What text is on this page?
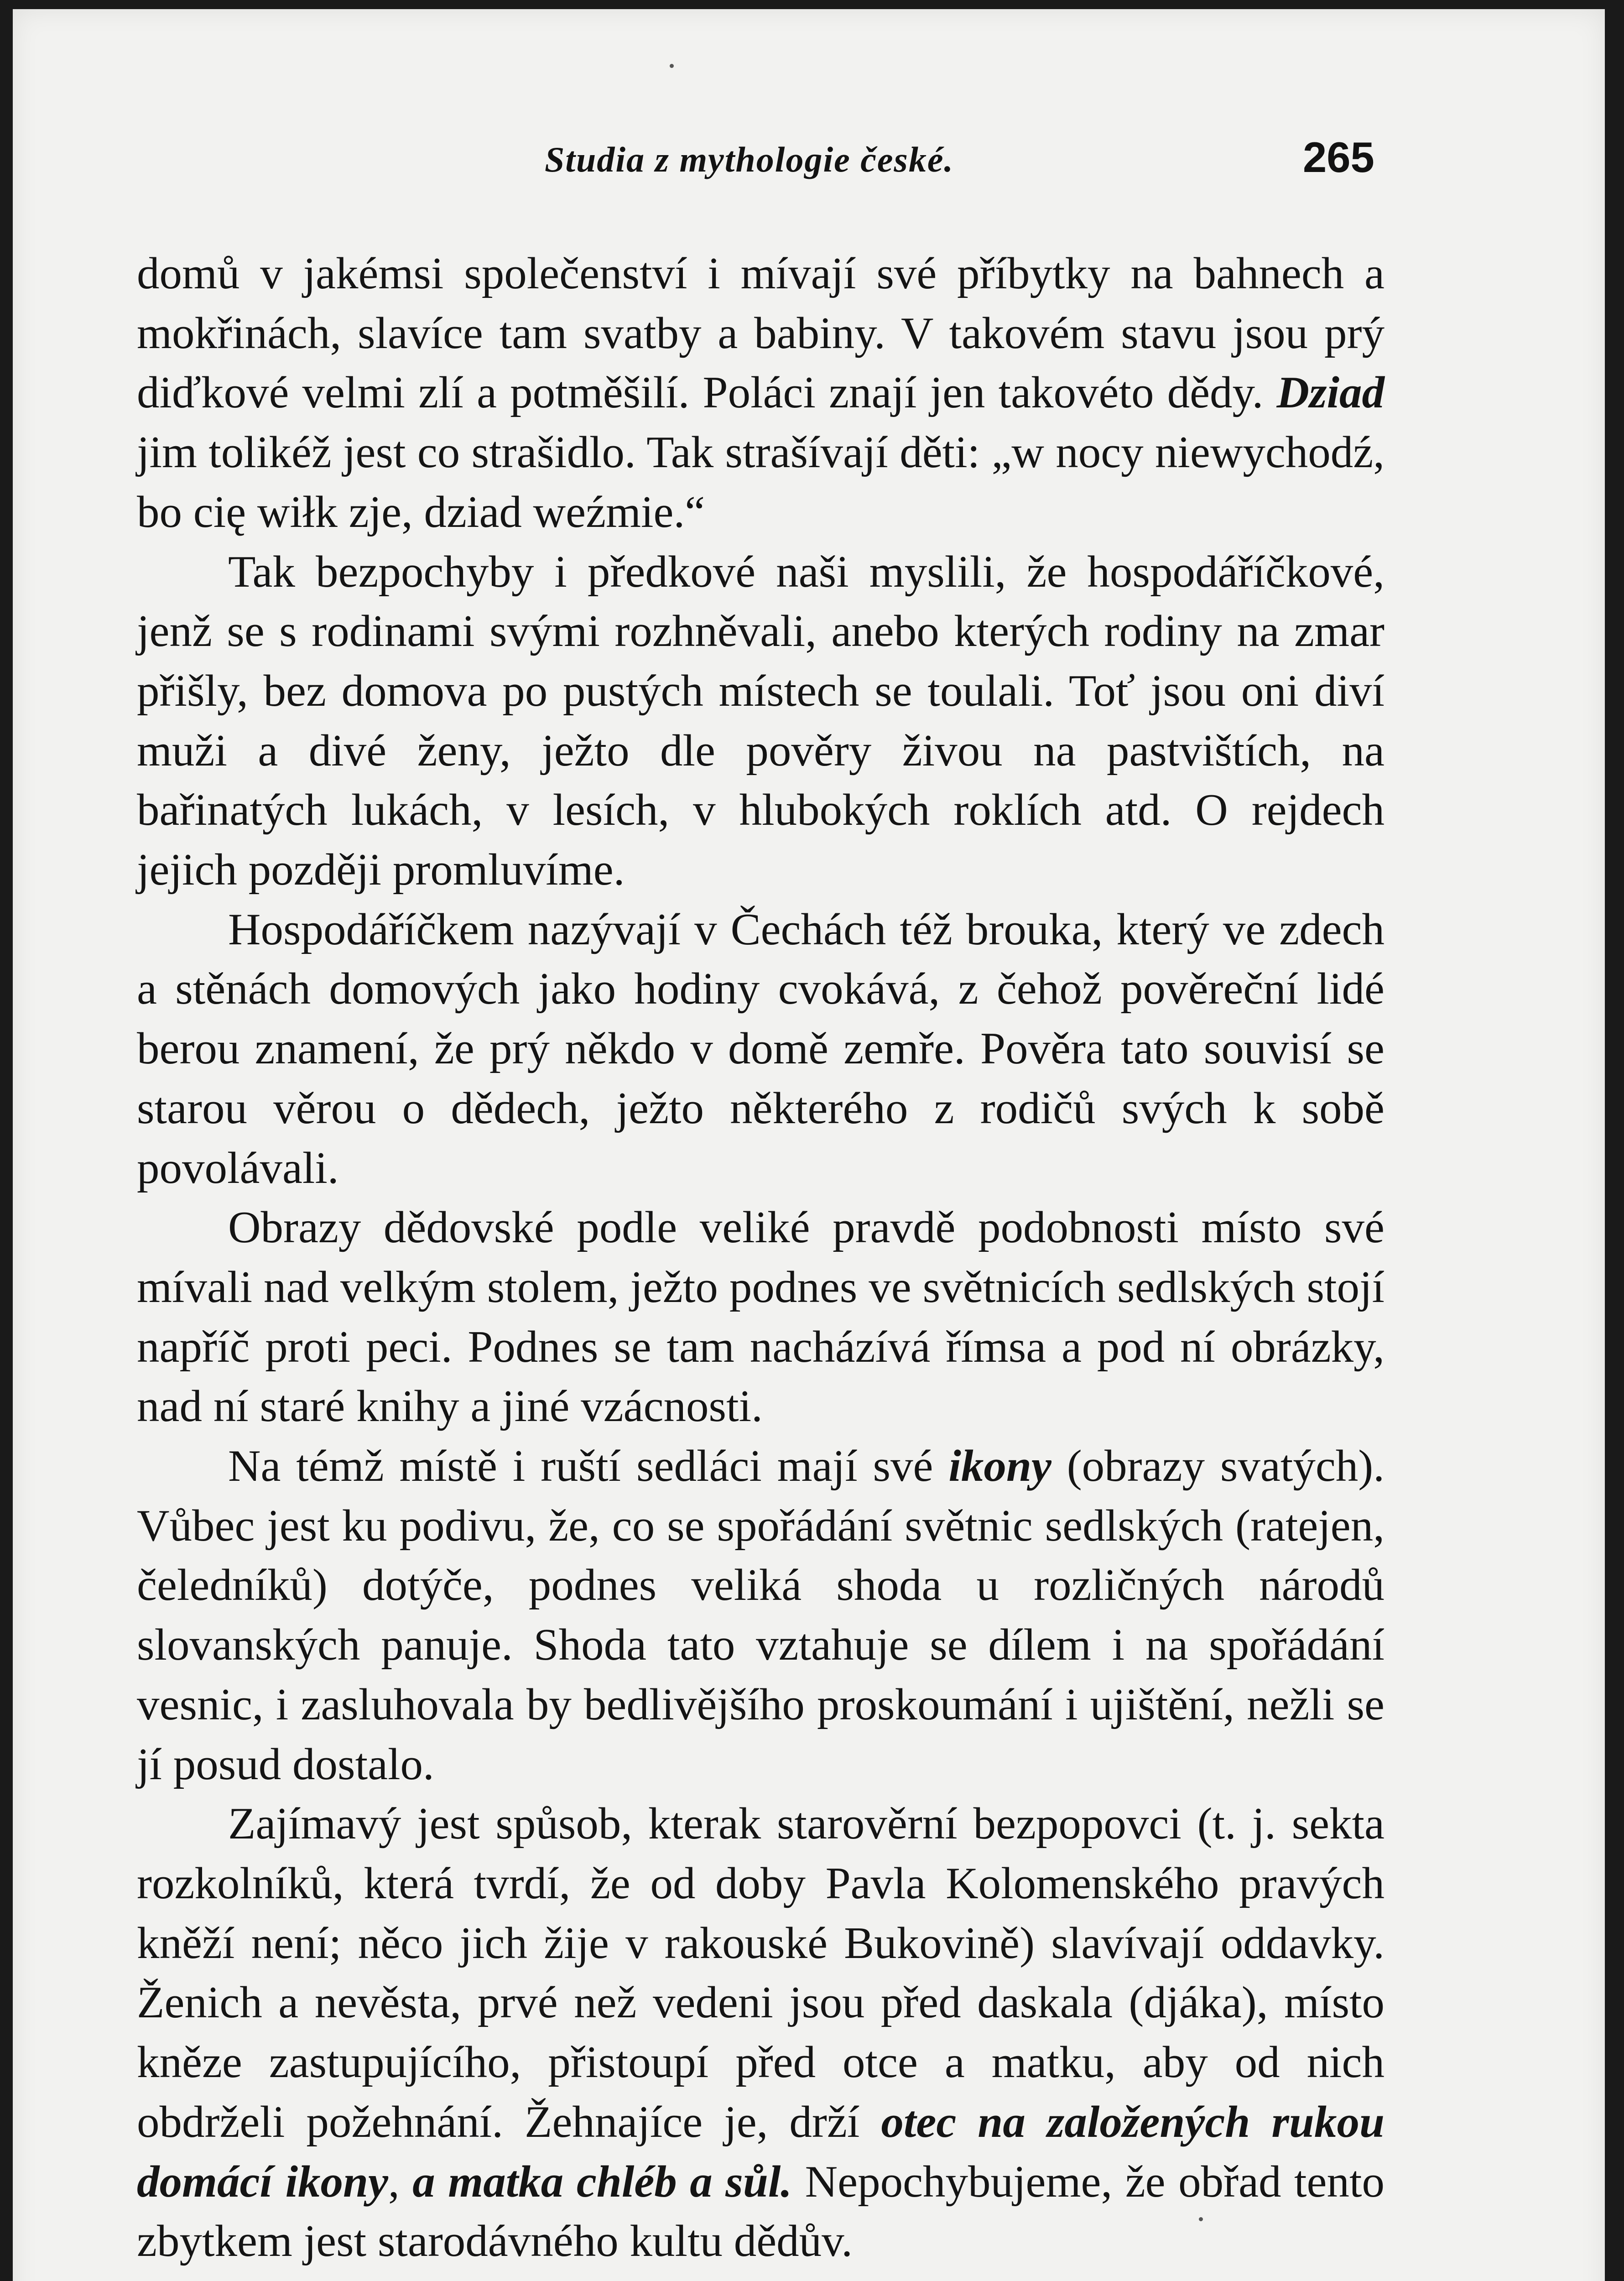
Studia z mythologie české.	265

domů v jakémsi společenství i mívají své příbytky na bahnech a mokřinách, slavíce tam svatby a babiny. V takovém stavu jsou prý diďkové velmi zlí a potměšilí. Poláci znají jen takovéto dědy. Dziad jim tolikéž jest co strašidlo. Tak strašívají děti: „w nocy niewychodź, bo cię wiłk zje, dziad weźmie.“

Tak bezpochyby i předkové naši myslili, že hospodáříčkové, jenž se s rodinami svými rozhněvali, anebo kterých rodiny na zmar přišly, bez domova po pustých místech se toulali. Toť jsou oni diví muži a divé ženy, ježto dle pověry živou na pastvištích, na bařinatých lukách, v lesích, v hlubokých roklích atd. O rejdech jejich později promluvíme.

Hospodáříčkem nazývají v Čechách též brouka, který ve zdech a stěnách domových jako hodiny cvokává, z čehož pověreční lidé berou znamení, že prý někdo v domě zemře. Pověra tato souvisí se starou věrou o dědech, ježto některého z rodičů svých k sobě povolávali.

Obrazy dědovské podle veliké pravdě podobnosti místo své mívali nad velkým stolem, ježto podnes ve světnicích sedlských stojí napříč proti peci. Podnes se tam nacházívá římsa a pod ní obrázky, nad ní staré knihy a jiné vzácnosti.

Na témž místě i ruští sedláci mají své ikony (obrazy svatých). Vůbec jest ku podivu, že, co se spořádání světnic sedlských (ratejen, čeledníků) dotýče, podnes veliká shoda u rozličných národů slovanských panuje. Shoda tato vztahuje se dílem i na spořádání vesnic, i zasluhovala by bedlivějšího proskoumání i ujištění, nežli se jí posud dostalo.

Zajímavý jest spůsob, kterak starověrní bezpopovci (t. j. sekta rozkolníků, která tvrdí, že od doby Pavla Kolomenského pravých kněží není; něco jich žije v rakouské Bukovině) slavívají oddavky. Ženich a nevěsta, prvé než vedeni jsou před daskala (djáka), místo kněze zastupujícího, přistoupí před otce a matku, aby od nich obdrželi požehnání. Žehnajíce je, drží otec na založených rukou domácí ikony, a matka chléb a sůl. Nepochybujeme, že obřad tento zbytkem jest starodávného kultu dědův.
